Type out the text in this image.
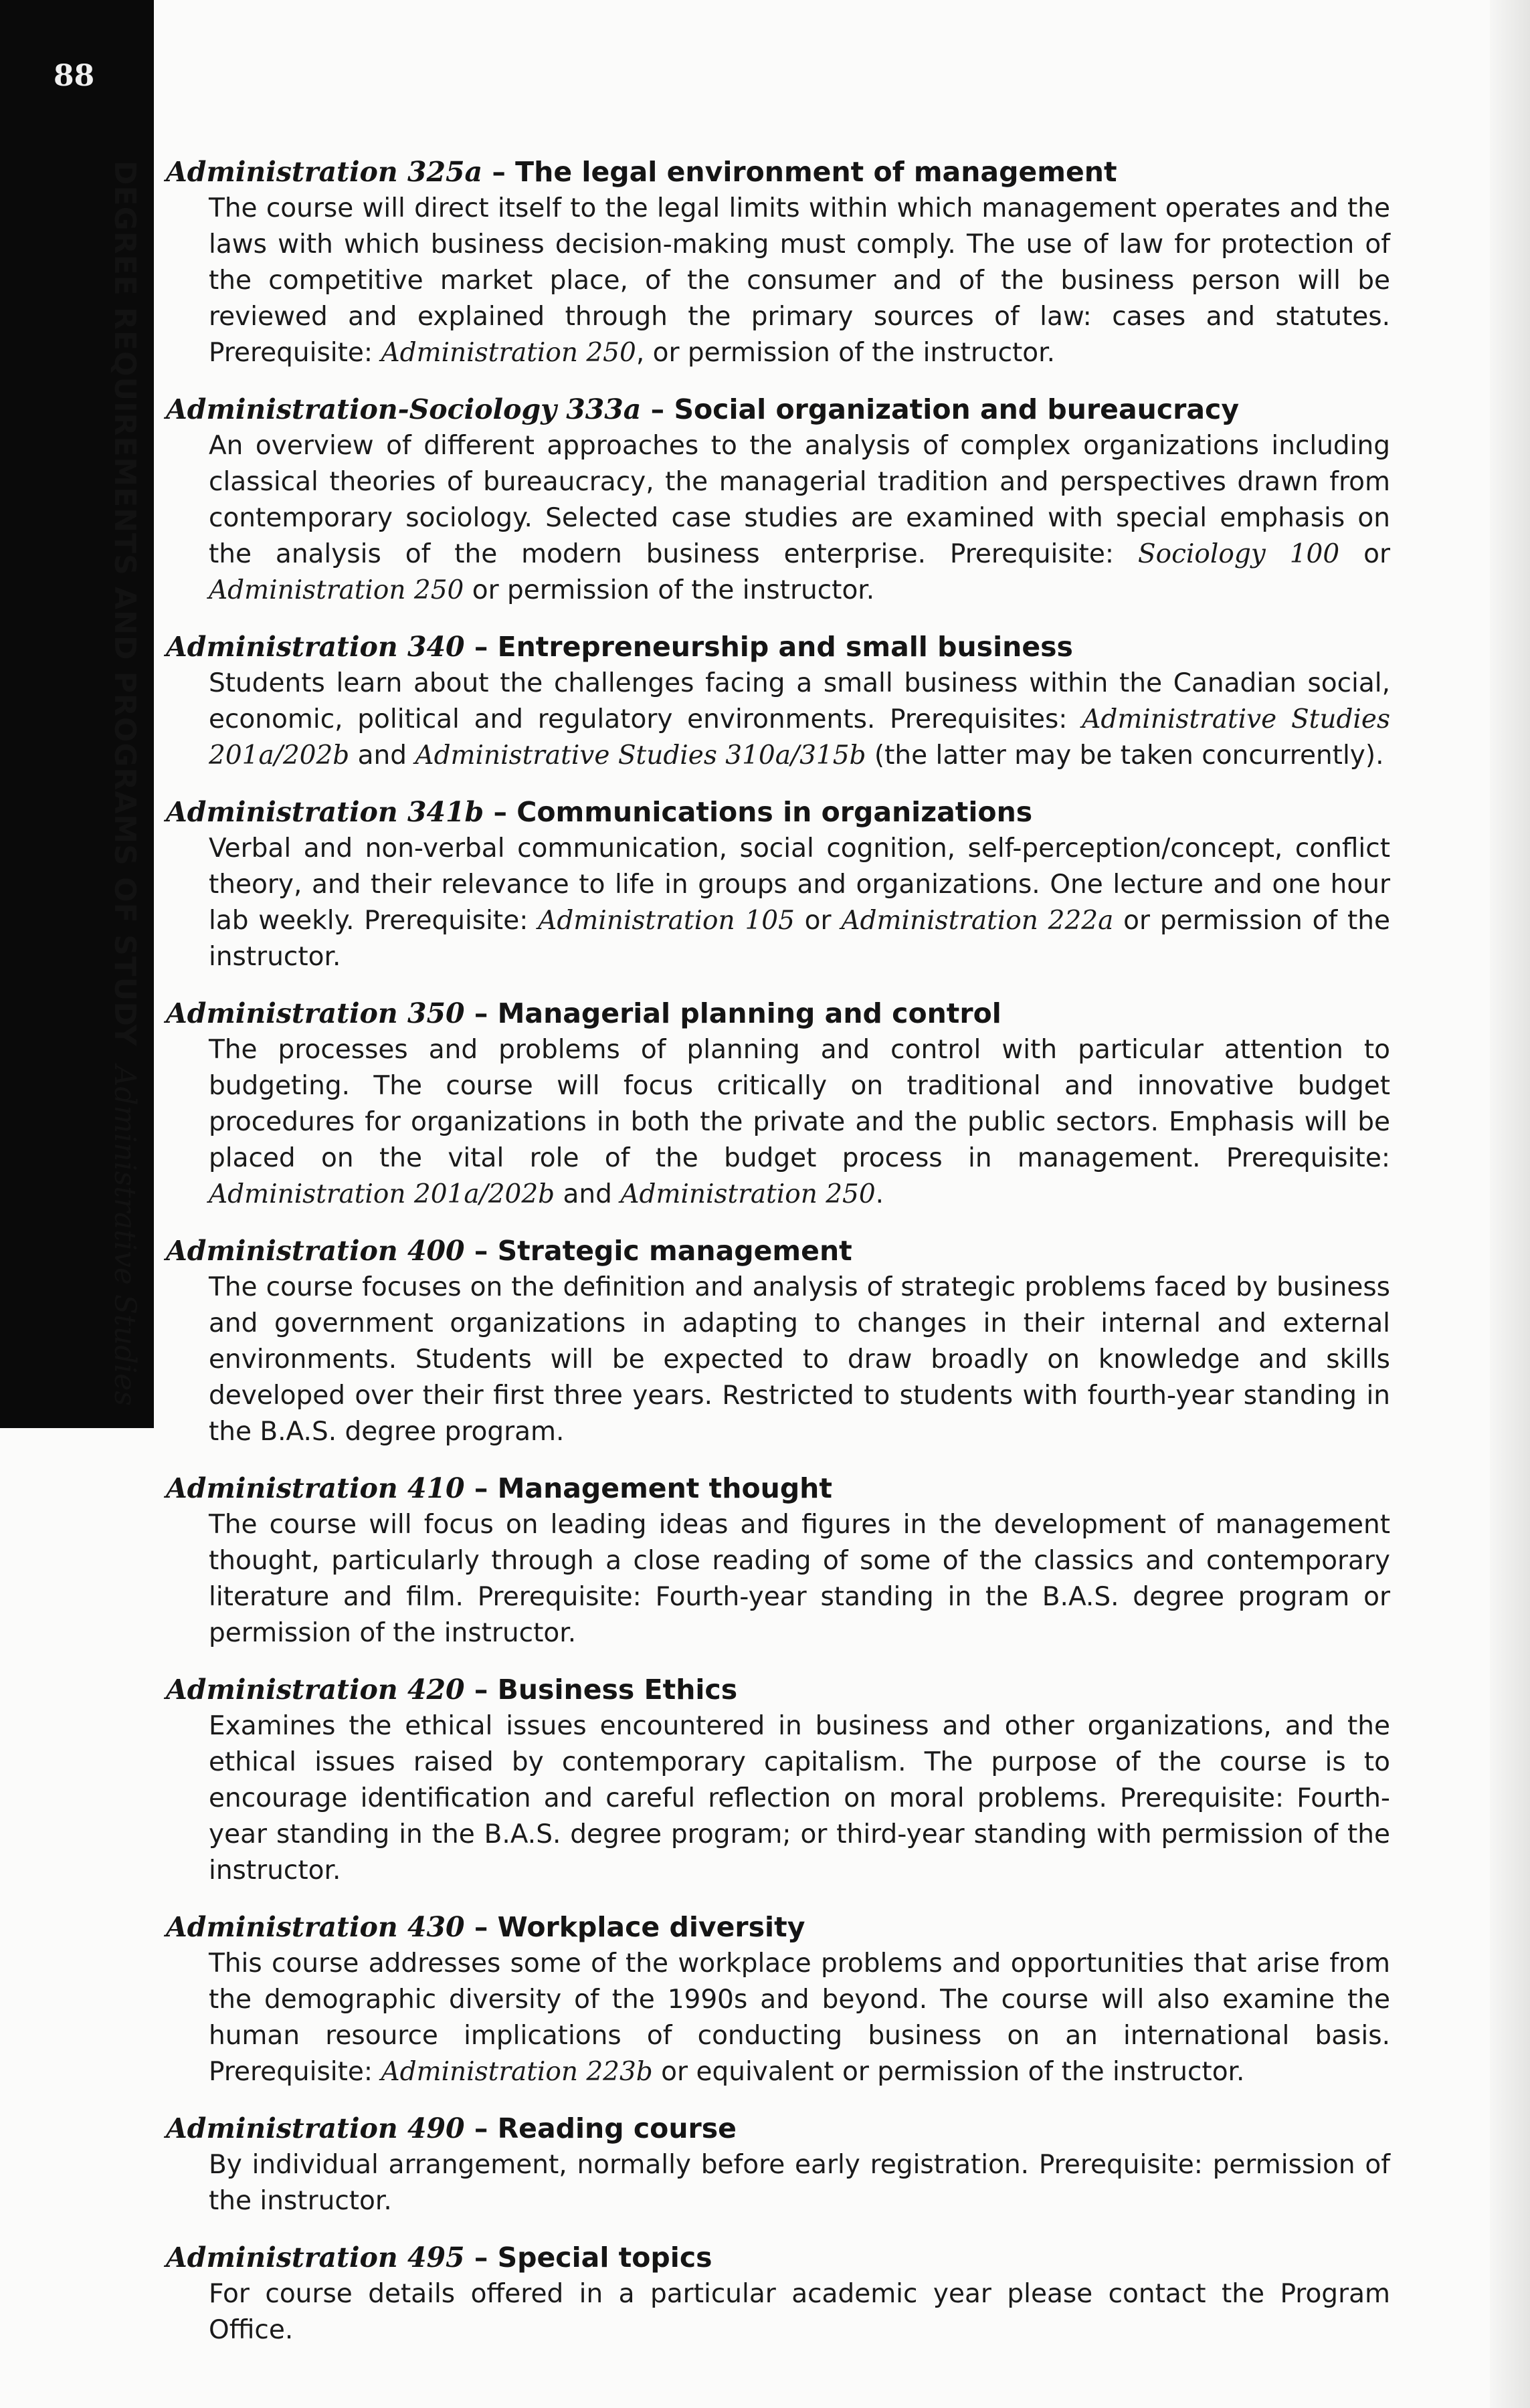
88
DEGREE REQUIREMENTS AND PROGRAMS OF STUDYAdministrative Studies
Administration 325a – The legal environment of management
The course will direct itself to the legal limits within which management operates and the laws with which business decision-making must comply. The use of law for protection of the competitive market place, of the consumer and of the business person will be reviewed and explained through the primary sources of law: cases and statutes. Prerequisite: Administration 250, or permission of the instructor.
Administration-Sociology 333a – Social organization and bureaucracy
An overview of different approaches to the analysis of complex organizations including classical theories of bureaucracy, the managerial tradition and perspectives drawn from contemporary sociology. Selected case studies are examined with special emphasis on the analysis of the modern business enterprise. Prerequisite: Sociology 100 or Administration 250 or permission of the instructor.
Administration 340 – Entrepreneurship and small business
Students learn about the challenges facing a small business within the Canadian social, economic, political and regulatory environments. Prerequisites: Administrative Studies 201a/202b and Administrative Studies 310a/315b (the latter may be taken concurrently).
Administration 341b – Communications in organizations
Verbal and non-verbal communication, social cognition, self-perception/concept, conflict theory, and their relevance to life in groups and organizations. One lecture and one hour lab weekly. Prerequisite: Administration 105 or Administration 222a or permission of the instructor.
Administration 350 – Managerial planning and control
The processes and problems of planning and control with particular attention to budgeting. The course will focus critically on traditional and innovative budget procedures for organizations in both the private and the public sectors. Emphasis will be placed on the vital role of the budget process in management. Prerequisite: Administration 201a/202b and Administration 250.
Administration 400 – Strategic management
The course focuses on the definition and analysis of strategic problems faced by business and government organizations in adapting to changes in their internal and external environments. Students will be expected to draw broadly on knowledge and skills developed over their first three years. Restricted to students with fourth-year standing in the B.A.S. degree program.
Administration 410 – Management thought
The course will focus on leading ideas and figures in the development of management thought, particularly through a close reading of some of the classics and contemporary literature and film. Prerequisite: Fourth-year standing in the B.A.S. degree program or permission of the instructor.
Administration 420 – Business Ethics
Examines the ethical issues encountered in business and other organizations, and the ethical issues raised by contemporary capitalism. The purpose of the course is to encourage identification and careful reflection on moral problems. Prerequisite: Fourth-year standing in the B.A.S. degree program; or third-year standing with permission of the instructor.
Administration 430 – Workplace diversity
This course addresses some of the workplace problems and opportunities that arise from the demographic diversity of the 1990s and beyond. The course will also examine the human resource implications of conducting business on an international basis. Prerequisite: Administration 223b or equivalent or permission of the instructor.
Administration 490 – Reading course
By individual arrangement, normally before early registration. Prerequisite: permission of the instructor.
Administration 495 – Special topics
For course details offered in a particular academic year please contact the Program Office.
